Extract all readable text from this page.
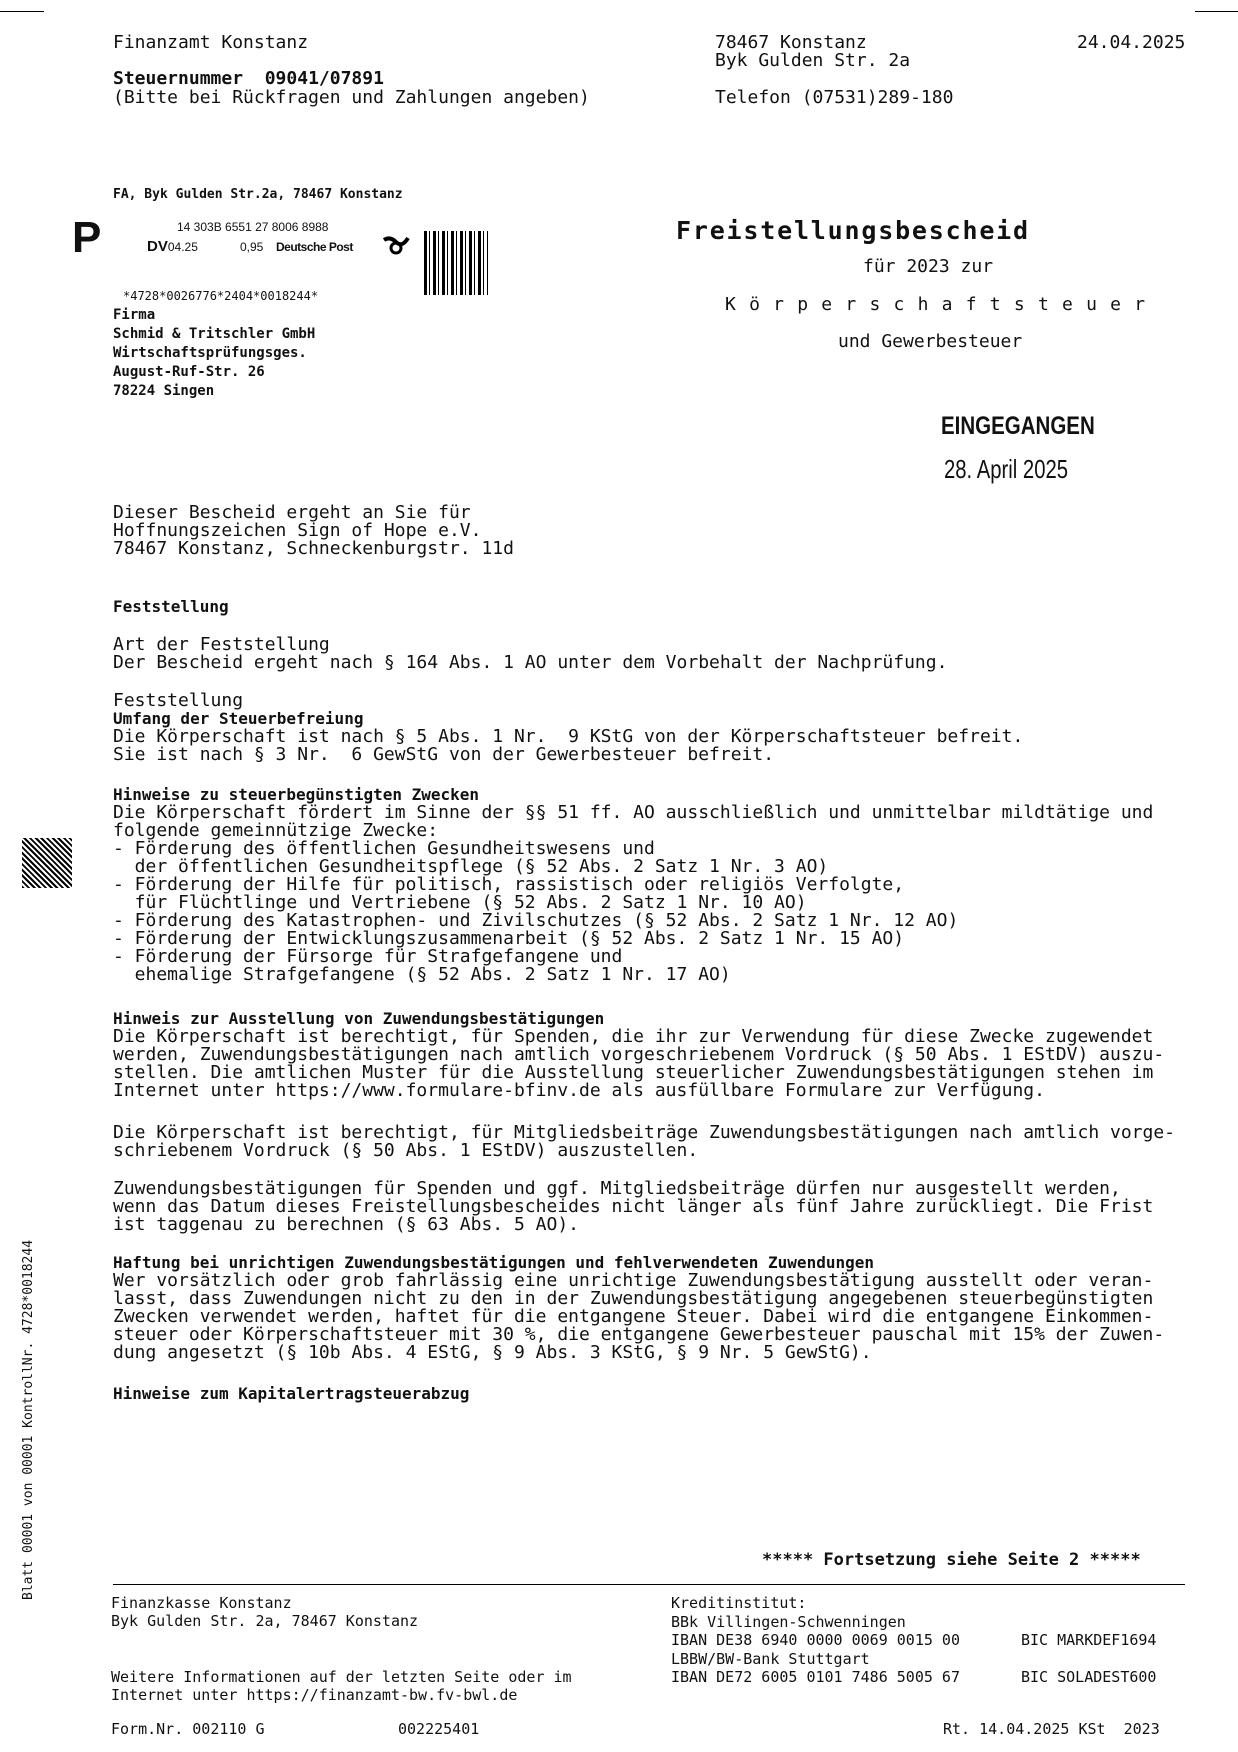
Finanzamt Konstanz	78467 Konstanz
Byk Gulden Str. 2a
24.04.2025
Steuernummer  09041/07891
(Bitte bei Rückfragen und Zahlungen angeben)	Telefon (07531)289-180
FA, Byk Gulden Str.2a, 78467 Konstanz
P	14 303B 6551 27 8006 8988
DV04.25	0,95 Deutsche Post
*4728*0026776*2404*0018244*
Firma
Schmid & Tritschler GmbH
Wirtschaftsprüfungsges.
August-Ruf-Str. 26
78224 Singen
Freistellungsbescheid
für 2023 zur
K ö r p e r s c h a f t s t e u e r
und Gewerbesteuer
EINGEGANGEN
28. April 2025
Dieser Bescheid ergeht an Sie für
Hoffnungszeichen Sign of Hope e.V.
78467 Konstanz, Schneckenburgstr. 11d
Feststellung
Art der Feststellung
Der Bescheid ergeht nach § 164 Abs. 1 AO unter dem Vorbehalt der Nachprüfung.
Feststellung
Umfang der Steuerbefreiung
Die Körperschaft ist nach § 5 Abs. 1 Nr.  9 KStG von der Körperschaftsteuer befreit.
Sie ist nach § 3 Nr.  6 GewStG von der Gewerbesteuer befreit.
Hinweise zu steuerbegünstigten Zwecken
Die Körperschaft fördert im Sinne der §§ 51 ff. AO ausschließlich und unmittelbar mildtätige und
folgende gemeinnützige Zwecke:
- Förderung des öffentlichen Gesundheitswesens und
der öffentlichen Gesundheitspflege (§ 52 Abs. 2 Satz 1 Nr. 3 AO)
- Förderung der Hilfe für politisch, rassistisch oder religiös Verfolgte,
für Flüchtlinge und Vertriebene (§ 52 Abs. 2 Satz 1 Nr. 10 AO)
- Förderung des Katastrophen- und Zivilschutzes (§ 52 Abs. 2 Satz 1 Nr. 12 AO)
- Förderung der Entwicklungszusammenarbeit (§ 52 Abs. 2 Satz 1 Nr. 15 AO)
- Förderung der Fürsorge für Strafgefangene und
ehemalige Strafgefangene (§ 52 Abs. 2 Satz 1 Nr. 17 AO)
Hinweis zur Ausstellung von Zuwendungsbestätigungen
Die Körperschaft ist berechtigt, für Spenden, die ihr zur Verwendung für diese Zwecke zugewendet
werden, Zuwendungsbestätigungen nach amtlich vorgeschriebenem Vordruck (§ 50 Abs. 1 EStDV) auszu-
stellen. Die amtlichen Muster für die Ausstellung steuerlicher Zuwendungsbestätigungen stehen im
Internet unter https://www.formulare-bfinv.de als ausfüllbare Formulare zur Verfügung.
Die Körperschaft ist berechtigt, für Mitgliedsbeiträge Zuwendungsbestätigungen nach amtlich vorge-
schriebenem Vordruck (§ 50 Abs. 1 EStDV) auszustellen.
Zuwendungsbestätigungen für Spenden und ggf. Mitgliedsbeiträge dürfen nur ausgestellt werden,
wenn das Datum dieses Freistellungsbescheides nicht länger als fünf Jahre zurückliegt. Die Frist
ist taggenau zu berechnen (§ 63 Abs. 5 AO).
Haftung bei unrichtigen Zuwendungsbestätigungen und fehlverwendeten Zuwendungen
Wer vorsätzlich oder grob fahrlässig eine unrichtige Zuwendungsbestätigung ausstellt oder veran-
lasst, dass Zuwendungen nicht zu den in der Zuwendungsbestätigung angegebenen steuerbegünstigten
Zwecken verwendet werden, haftet für die entgangene Steuer. Dabei wird die entgangene Einkommen-
steuer oder Körperschaftsteuer mit 30 %, die entgangene Gewerbesteuer pauschal mit 15% der Zuwen-
dung angesetzt (§ 10b Abs. 4 EStG, § 9 Abs. 3 KStG, § 9 Nr. 5 GewStG).
Hinweise zum Kapitalertragsteuerabzug
***** Fortsetzung siehe Seite 2 *****
Blatt 00001 von 00001 KontrollNr. 4728*0018244
Finanzkasse Konstanz
Byk Gulden Str. 2a, 78467 Konstanz
Weitere Informationen auf der letzten Seite oder im
Internet unter https://finanzamt-bw.fv-bwl.de
Kreditinstitut:
BBk Villingen-Schwenningen
IBAN DE38 6940 0000 0069 0015 00	BIC MARKDEF1694
LBBW/BW-Bank Stuttgart
IBAN DE72 6005 0101 7486 5005 67	BIC SOLADEST600
Form.Nr. 002110 G	002225401	Rt. 14.04.2025 KSt  2023
